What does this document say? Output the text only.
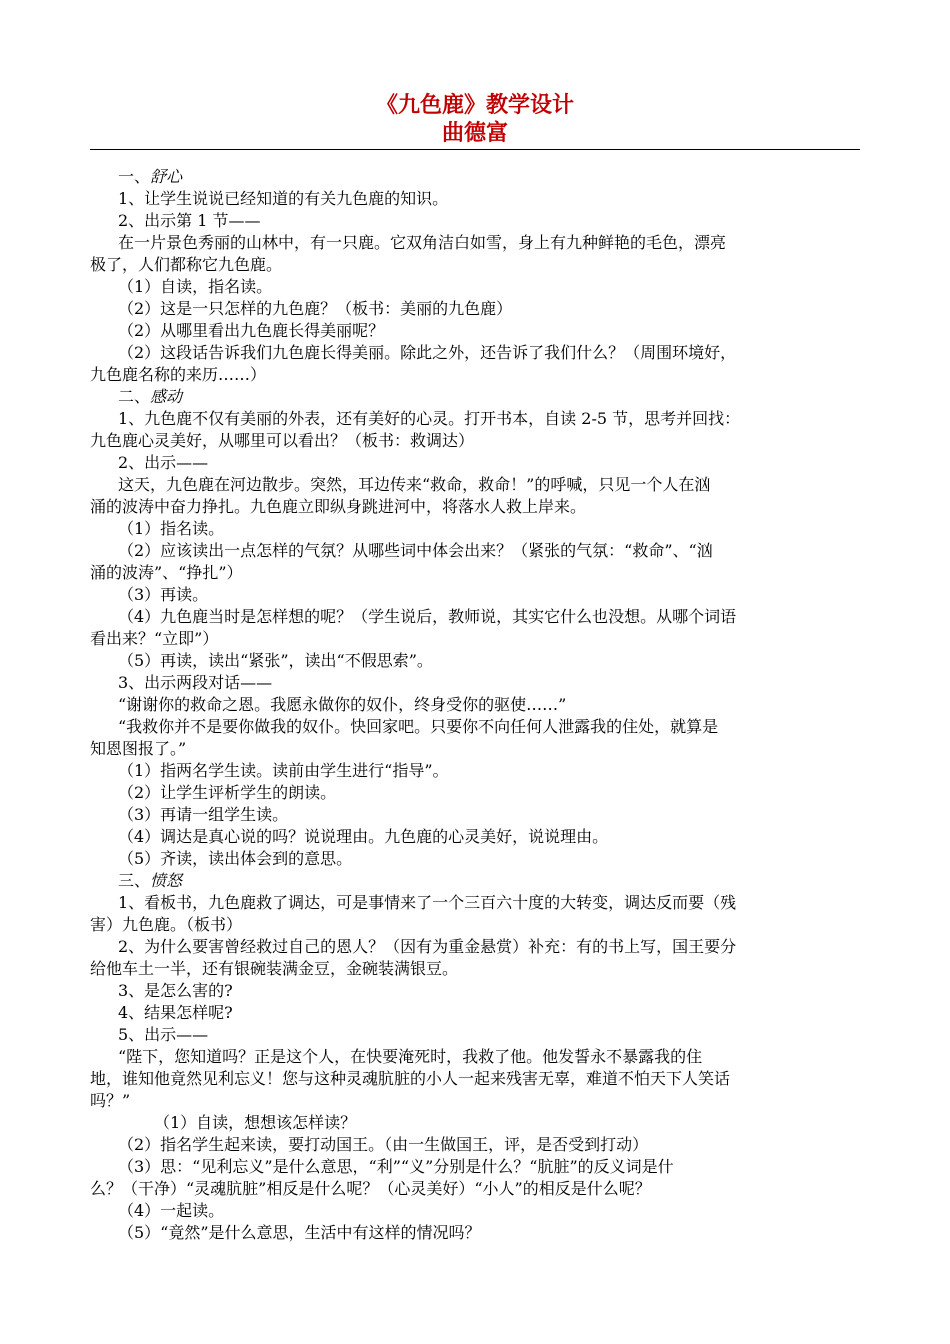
《九色鹿》教学设计
曲德富
一、舒心
1、让学生说说已经知道的有关九色鹿的知识。
2、出示第 1 节——
在一片景色秀丽的山林中，有一只鹿。它双角洁白如雪，身上有九种鲜艳的毛色，漂亮
极了，人们都称它九色鹿。
（1）自读，指名读。
（2）这是一只怎样的九色鹿？（板书：美丽的九色鹿）
（2）从哪里看出九色鹿长得美丽呢？
（2）这段话告诉我们九色鹿长得美丽。除此之外，还告诉了我们什么？（周围环境好，
九色鹿名称的来历……）
二、感动
1、九色鹿不仅有美丽的外表，还有美好的心灵。打开书本，自读 2-5 节，思考并回找：
九色鹿心灵美好，从哪里可以看出？（板书：救调达）
2、出示——
这天，九色鹿在河边散步。突然，耳边传来“救命，救命！”的呼喊，只见一个人在汹
涌的波涛中奋力挣扎。九色鹿立即纵身跳进河中，将落水人救上岸来。
（1）指名读。
（2）应该读出一点怎样的气氛？从哪些词中体会出来？（紧张的气氛：“救命”、“汹
涌的波涛”、“挣扎”）
（3）再读。
（4）九色鹿当时是怎样想的呢？（学生说后，教师说，其实它什么也没想。从哪个词语
看出来？“立即”）
（5）再读，读出“紧张”，读出“不假思索”。
3、出示两段对话——
“谢谢你的救命之恩。我愿永做你的奴仆，终身受你的驱使……”
“我救你并不是要你做我的奴仆。快回家吧。只要你不向任何人泄露我的住处，就算是
知恩图报了。”
（1）指两名学生读。读前由学生进行“指导”。
（2）让学生评析学生的朗读。
（3）再请一组学生读。
（4）调达是真心说的吗？说说理由。九色鹿的心灵美好，说说理由。
（5）齐读，读出体会到的意思。
三、愤怒
1、看板书，九色鹿救了调达，可是事情来了一个三百六十度的大转变，调达反而要（残
害）九色鹿。（板书）
2、为什么要害曾经救过自己的恩人？（因有为重金悬赏）补充：有的书上写，国王要分
给他车土一半，还有银碗装满金豆，金碗装满银豆。
3、是怎么害的?
4、结果怎样呢?
5、出示——
“陛下，您知道吗？正是这个人，在快要淹死时，我救了他。他发誓永不暴露我的住
地，谁知他竟然见利忘义！您与这种灵魂肮脏的小人一起来残害无辜，难道不怕天下人笑话
吗？”
（1）自读，想想该怎样读？
（2）指名学生起来读，要打动国王。（由一生做国王，评，是否受到打动）
（3）思：“见利忘义”是什么意思，“利”“义”分别是什么？“肮脏”的反义词是什
么？（干净）“灵魂肮脏”相反是什么呢？（心灵美好）“小人”的相反是什么呢？
（4）一起读。
（5）“竟然”是什么意思，生活中有这样的情况吗？
